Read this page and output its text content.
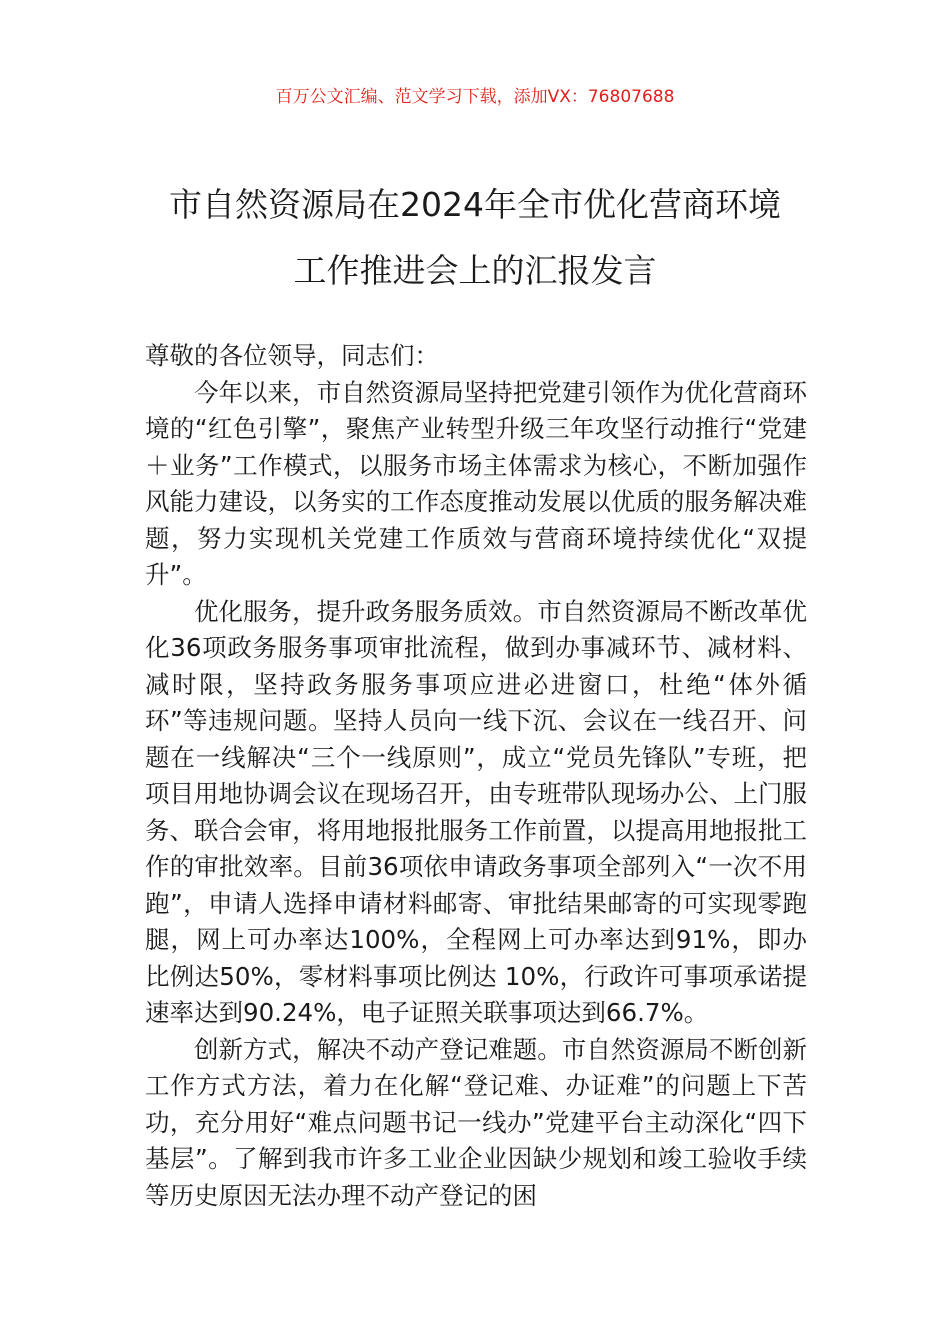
百万公文汇编、范文学习下载，添加VX：76807688
市自然资源局在2024年全市优化营商环境
工作推进会上的汇报发言

尊敬的各位领导，同志们：

今年以来，市自然资源局坚持把党建引领作为优化营商环境的“红色引擎”，聚焦产业转型升级三年攻坚行动推行“党建＋业务”工作模式，以服务市场主体需求为核心，不断加强作风能力建设，以务实的工作态度推动发展以优质的服务解决难题，努力实现机关党建工作质效与营商环境持续优化“双提升”。

优化服务，提升政务服务质效。市自然资源局不断改革优化36项政务服务事项审批流程，做到办事减环节、减材料、减时限，坚持政务服务事项应进必进窗口，杜绝“体外循环”等违规问题。坚持人员向一线下沉、会议在一线召开、问题在一线解决“三个一线原则”，成立“党员先锋队”专班，把项目用地协调会议在现场召开，由专班带队现场办公、上门服务、联合会审，将用地报批服务工作前置，以提高用地报批工作的审批效率。目前36项依申请政务事项全部列入“一次不用跑”，申请人选择申请材料邮寄、审批结果邮寄的可实现零跑腿，网上可办率达100%，全程网上可办率达到91%，即办比例达50%，零材料事项比例达 10%，行政许可事项承诺提速率达到90.24%，电子证照关联事项达到66.7%。

创新方式，解决不动产登记难题。市自然资源局不断创新工作方式方法，着力在化解“登记难、办证难”的问题上下苦功，充分用好“难点问题书记一线办”党建平台主动深化“四下基层”。了解到我市许多工业企业因缺少规划和竣工验收手续等历史原因无法办理不动产登记的困
